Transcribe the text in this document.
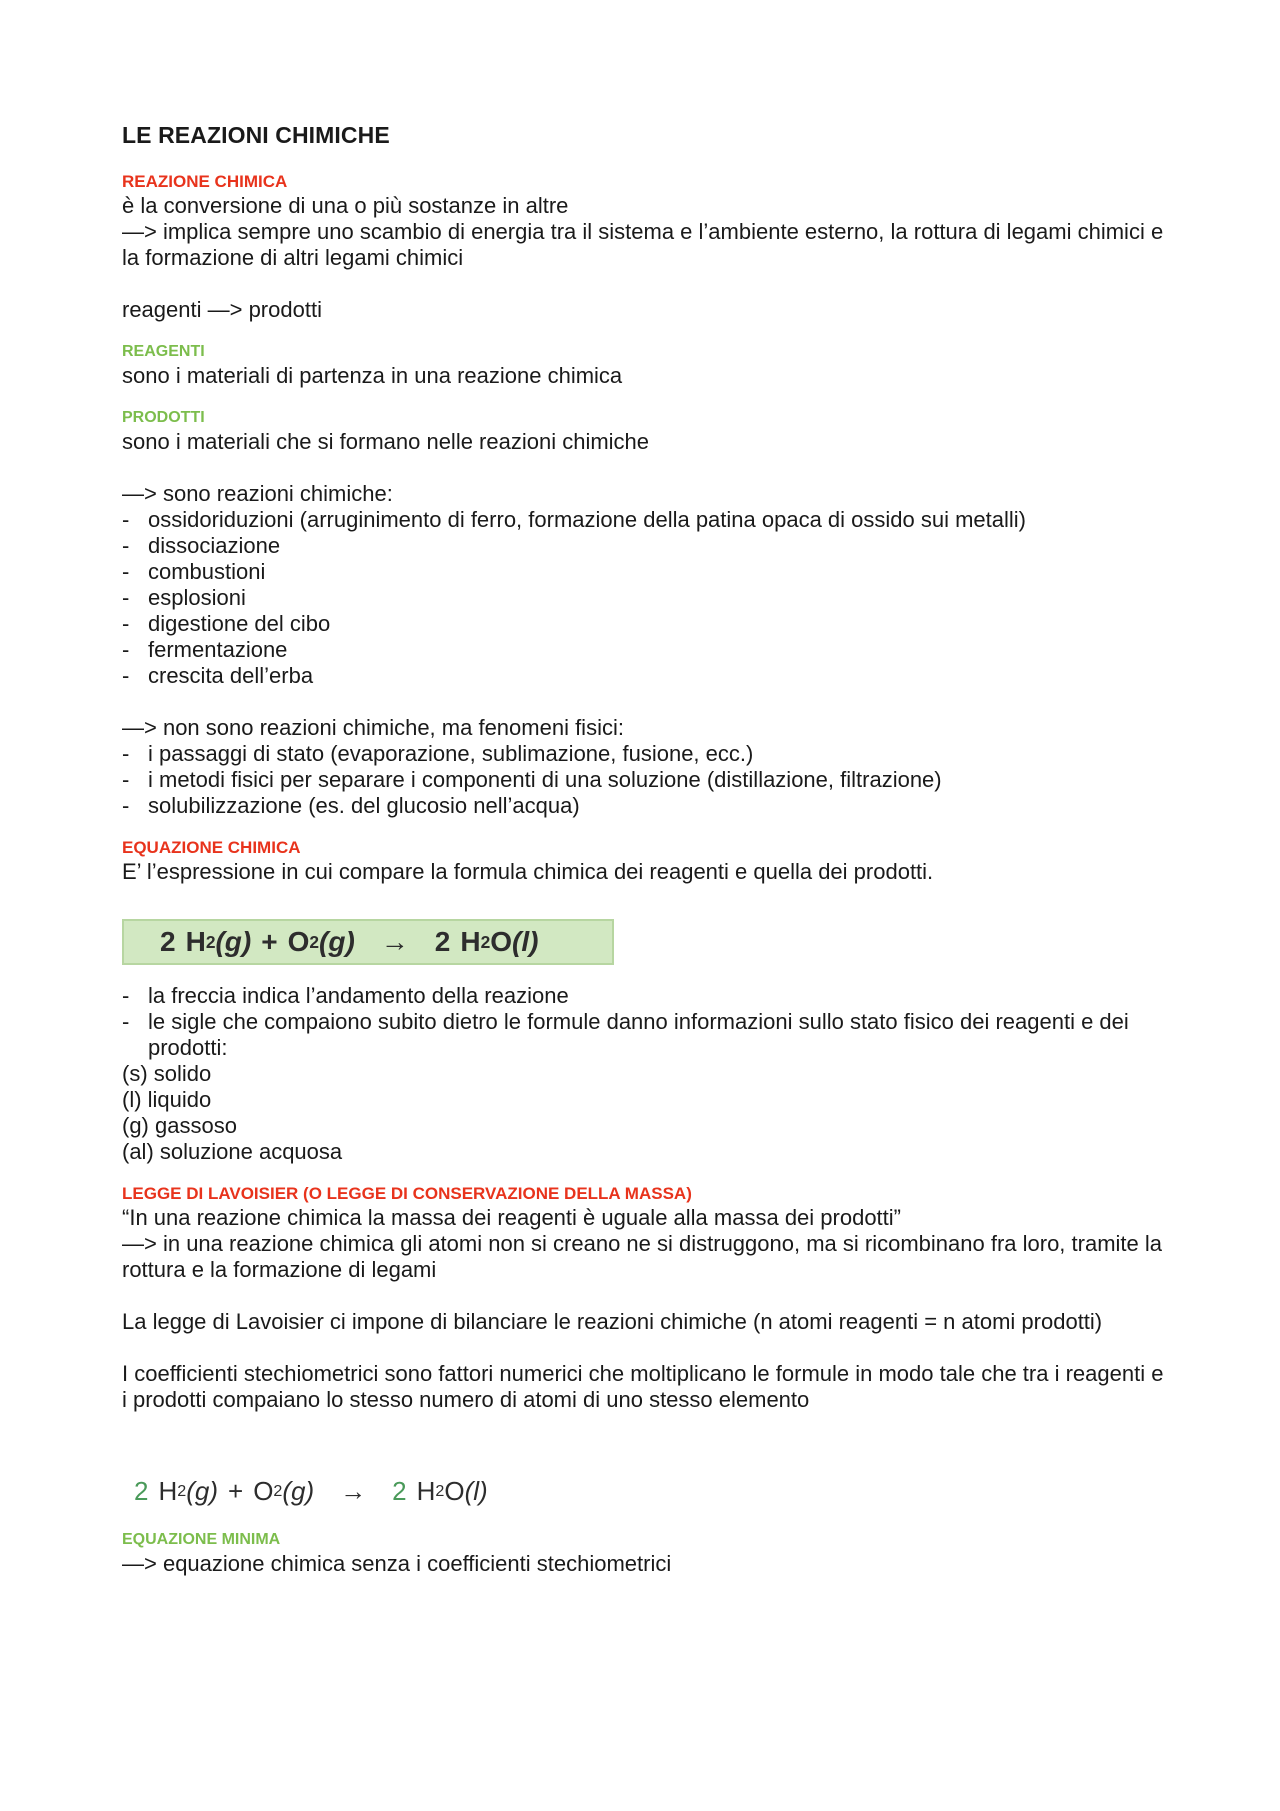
LE REAZIONI CHIMICHE

REAZIONE CHIMICA

è la conversione di una o più sostanze in altre

—> implica sempre uno scambio di energia tra il sistema e l’ambiente esterno, la rottura di legami chimici e la formazione di altri legami chimici

reagenti —> prodotti

REAGENTI

sono i materiali di partenza in una reazione chimica

PRODOTTI

sono i materiali che si formano nelle reazioni chimiche

—> sono reazioni chimiche:

- ossidoriduzioni (arruginimento di ferro, formazione della patina opaca di ossido sui metalli)
- dissociazione
- combustioni
- esplosioni
- digestione del cibo
- fermentazione
- crescita dell’erba

—> non sono reazioni chimiche, ma fenomeni fisici:

- i passaggi di stato (evaporazione, sublimazione, fusione, ecc.)
- i metodi fisici per separare i componenti di una soluzione (distillazione, filtrazione)
- solubilizzazione (es. del glucosio nell’acqua)

EQUAZIONE CHIMICA

E’ l’espressione in cui compare la formula chimica dei reagenti e quella dei prodotti.

2 H 2 (g) + O 2 (g) → 2 H 2 O (l)
- la freccia indica l’andamento della reazione
- le sigle che compaiono subito dietro le formule danno informazioni sullo stato fisico dei reagenti e dei prodotti:

(s) solido

(l) liquido

(g) gassoso

(al) soluzione acquosa

LEGGE DI LAVOISIER (O LEGGE DI CONSERVAZIONE DELLA MASSA)

“In una reazione chimica la massa dei reagenti è uguale alla massa dei prodotti”

—> in una reazione chimica gli atomi non si creano ne si distruggono, ma si ricombinano fra loro, tramite la rottura e la formazione di legami

La legge di Lavoisier ci impone di bilanciare le reazioni chimiche (n atomi reagenti = n atomi prodotti)

I coefficienti stechiometrici sono fattori numerici che moltiplicano le formule in modo tale che tra i reagenti e i prodotti compaiano lo stesso numero di atomi di uno stesso elemento

2 H 2 (g) + O 2 (g) → 2 H 2 O (l)

EQUAZIONE MINIMA

—> equazione chimica senza i coefficienti stechiometrici
